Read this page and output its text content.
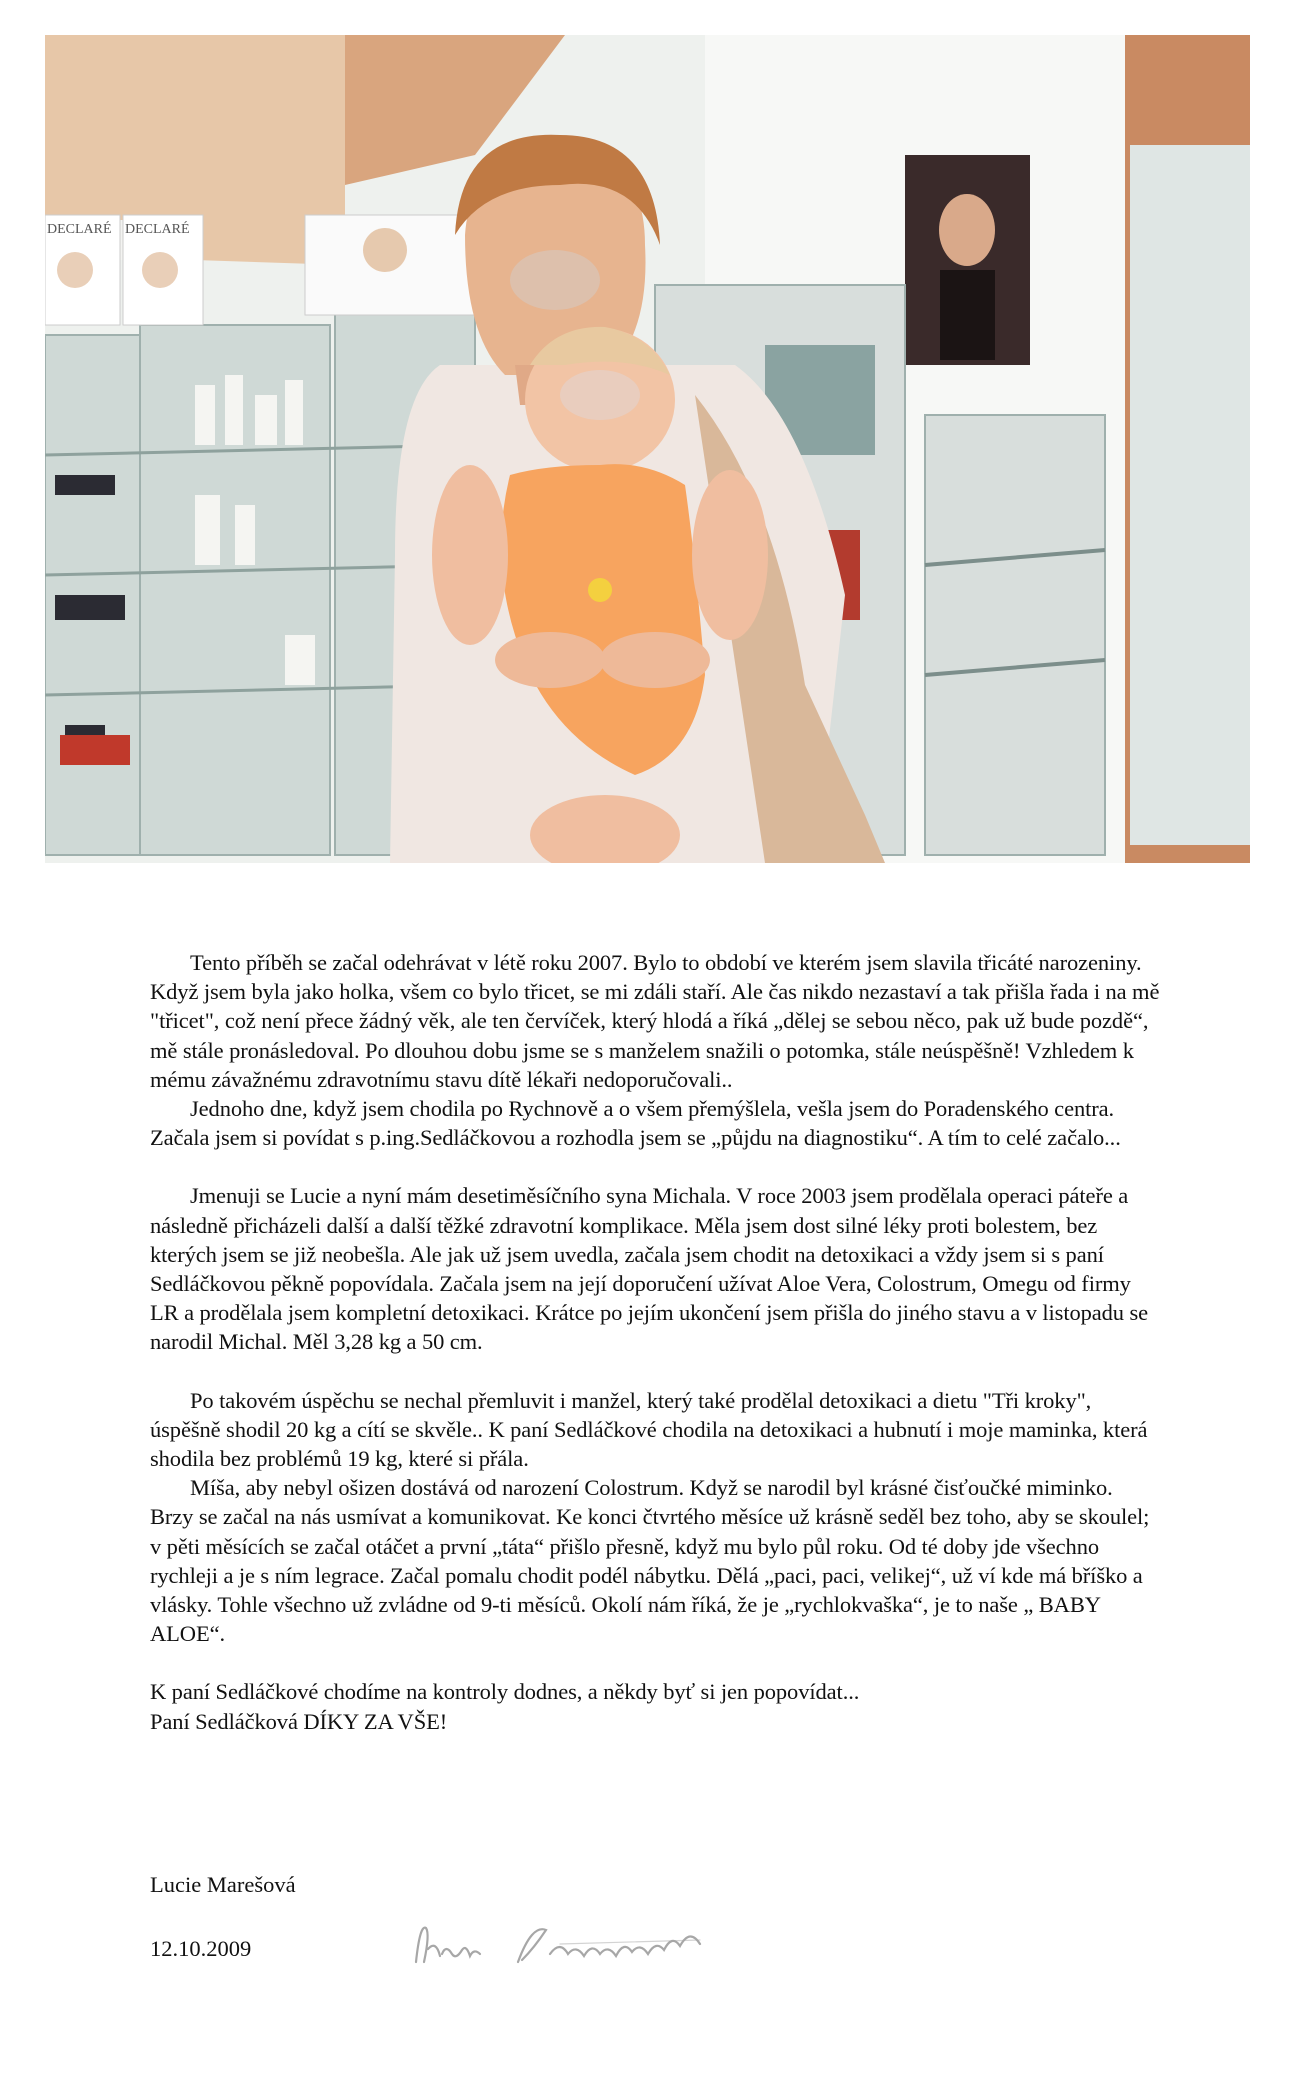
DECLARÉ DECLARÉ

Tento příběh se začal odehrávat v létě roku 2007. Bylo to období ve kterém jsem slavila třicáté narozeniny. Když jsem byla jako holka, všem co bylo třicet, se mi zdáli staří. Ale čas nikdo nezastaví a tak přišla řada i na mě "třicet", což není přece žádný věk, ale ten červíček, který hlodá a říká „dělej se sebou něco, pak už bude pozdě“, mě stále pronásledoval. Po dlouhou dobu jsme se s manželem snažili o potomka, stále neúspěšně! Vzhledem k mému závažnému zdravotnímu stavu dítě lékaři nedoporučovali..

Jednoho dne, když jsem chodila po Rychnově a o všem přemýšlela, vešla jsem do Poradenského centra. Začala jsem si povídat s p.ing.Sedláčkovou a rozhodla jsem se „půjdu na diagnostiku“. A tím to celé začalo...

Jmenuji se Lucie a nyní mám desetiměsíčního syna Michala. V roce 2003 jsem prodělala operaci páteře a následně přicházeli další a další těžké zdravotní komplikace. Měla jsem dost silné léky proti bolestem, bez kterých jsem se již neobešla. Ale jak už jsem uvedla, začala jsem chodit na detoxikaci a vždy jsem si s paní Sedláčkovou pěkně popovídala. Začala jsem na její doporučení užívat Aloe Vera, Colostrum, Omegu od firmy LR a prodělala jsem kompletní detoxikaci. Krátce po jejím ukončení jsem přišla do jiného stavu a v listopadu se narodil Michal. Měl 3,28 kg a 50 cm.

Po takovém úspěchu se nechal přemluvit i manžel, který také prodělal detoxikaci a dietu "Tři kroky", úspěšně shodil 20 kg a cítí se skvěle.. K paní Sedláčkové chodila na detoxikaci a hubnutí i moje maminka, která shodila bez problémů 19 kg, které si přála.

Míša, aby nebyl ošizen dostává od narození Colostrum. Když se narodil byl krásné čisťoučké miminko. Brzy se začal na nás usmívat a komunikovat. Ke konci čtvrtého měsíce už krásně seděl bez toho, aby se skoulel; v pěti měsících se začal otáčet a první „táta“ přišlo přesně, když mu bylo půl roku. Od té doby jde všechno rychleji a je s ním legrace. Začal pomalu chodit podél nábytku. Dělá „paci, paci, velikej“, už ví kde má bříško a vlásky. Tohle všechno už zvládne od 9-ti měsíců. Okolí nám říká, že je „rychlokvaška“, je to naše „ BABY ALOE“.

K paní Sedláčkové chodíme na kontroly dodnes, a někdy byť si jen popovídat...

Paní Sedláčková DÍKY ZA VŠE!

Lucie Marešová
12.10.2009
